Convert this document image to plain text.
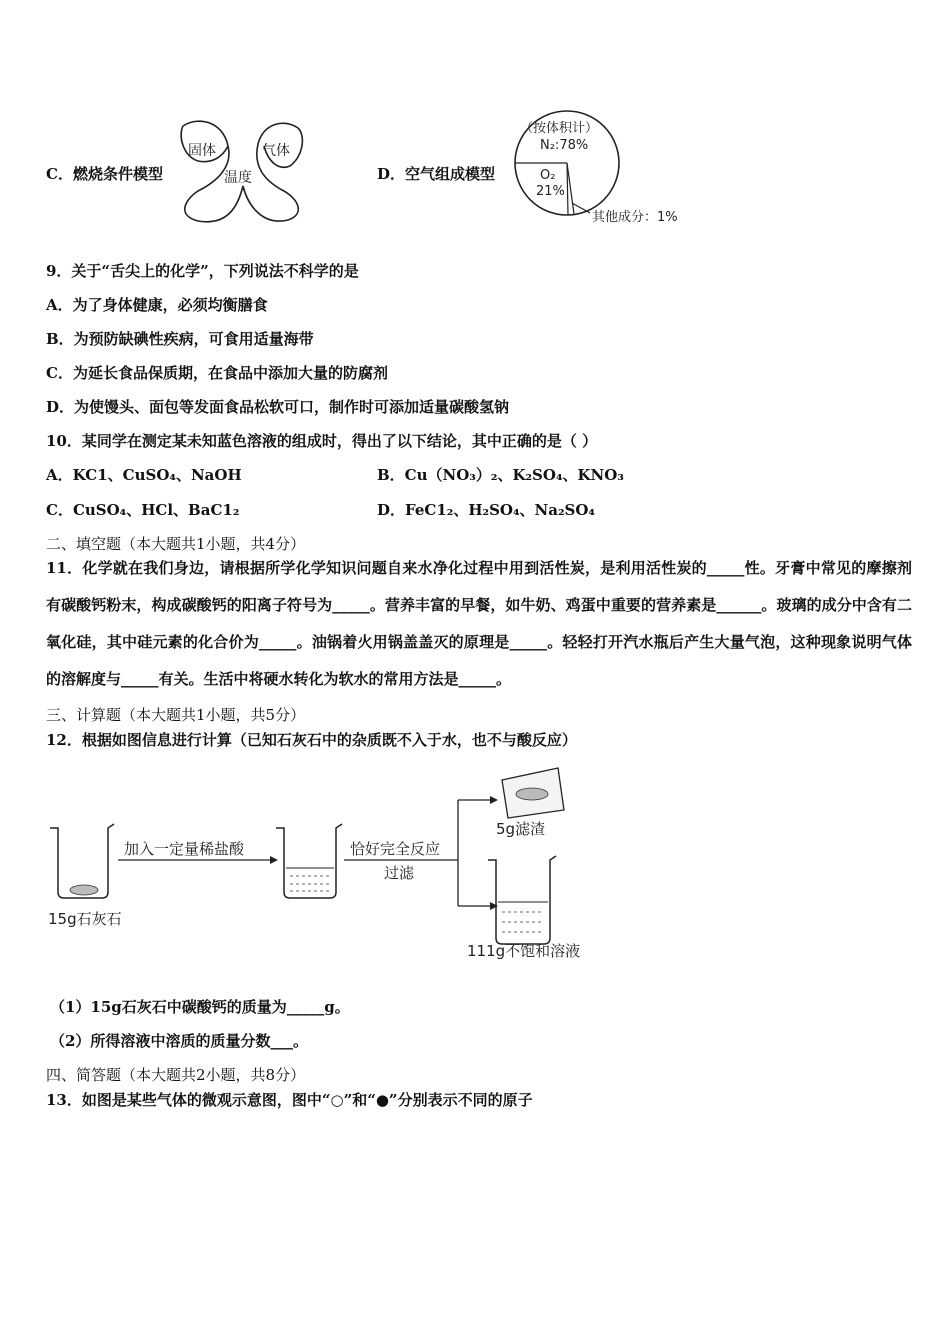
C．燃烧条件模型
固体	气体
温度	D．空气组成模型
（按体积计）
N₂:78%
O₂
21%
其他成分：1%
9．关于“舌尖上的化学”，下列说法不科学的是
A．为了身体健康，必须均衡膳食
B．为预防缺碘性疾病，可食用适量海带
C．为延长食品保质期，在食品中添加大量的防腐剂
D．为使馒头、面包等发面食品松软可口，制作时可添加适量碳酸氢钠
10．某同学在测定某未知蓝色溶液的组成时，得出了以下结论，其中正确的是（ ）
A．KC1、CuSO₄、NaOH	B．Cu（NO₃）₂、K₂SO₄、KNO₃
C．CuSO₄、HCl、BaC1₂	D．FeC1₂、H₂SO₄、Na₂SO₄
二、填空题（本大题共1小题，共4分）
11．化学就在我们身边，请根据所学化学知识问题自来水净化过程中用到活性炭，是利用活性炭的_____性。牙膏中常见的摩擦剂有碳酸钙粉末，构成碳酸钙的阳离子符号为_____。营养丰富的早餐，如牛奶、鸡蛋中重要的营养素是______。玻璃的成分中含有二氧化硅，其中硅元素的化合价为_____。油锅着火用锅盖盖灭的原理是_____。轻轻打开汽水瓶后产生大量气泡，这种现象说明气体的溶解度与_____有关。生活中将硬水转化为软水的常用方法是_____。
三、计算题（本大题共1小题，共5分）
12．根据如图信息进行计算（已知石灰石中的杂质既不入于水，也不与酸反应）
15g石灰石
加入一定量稀盐酸	恰好完全反应
过滤
5g滤渣
111g不饱和溶液
（1）15g石灰石中碳酸钙的质量为_____g。
（2）所得溶液中溶质的质量分数___。
四、简答题（本大题共2小题，共8分）
13．如图是某些气体的微观示意图，图中“○”和“●”分别表示不同的原子
